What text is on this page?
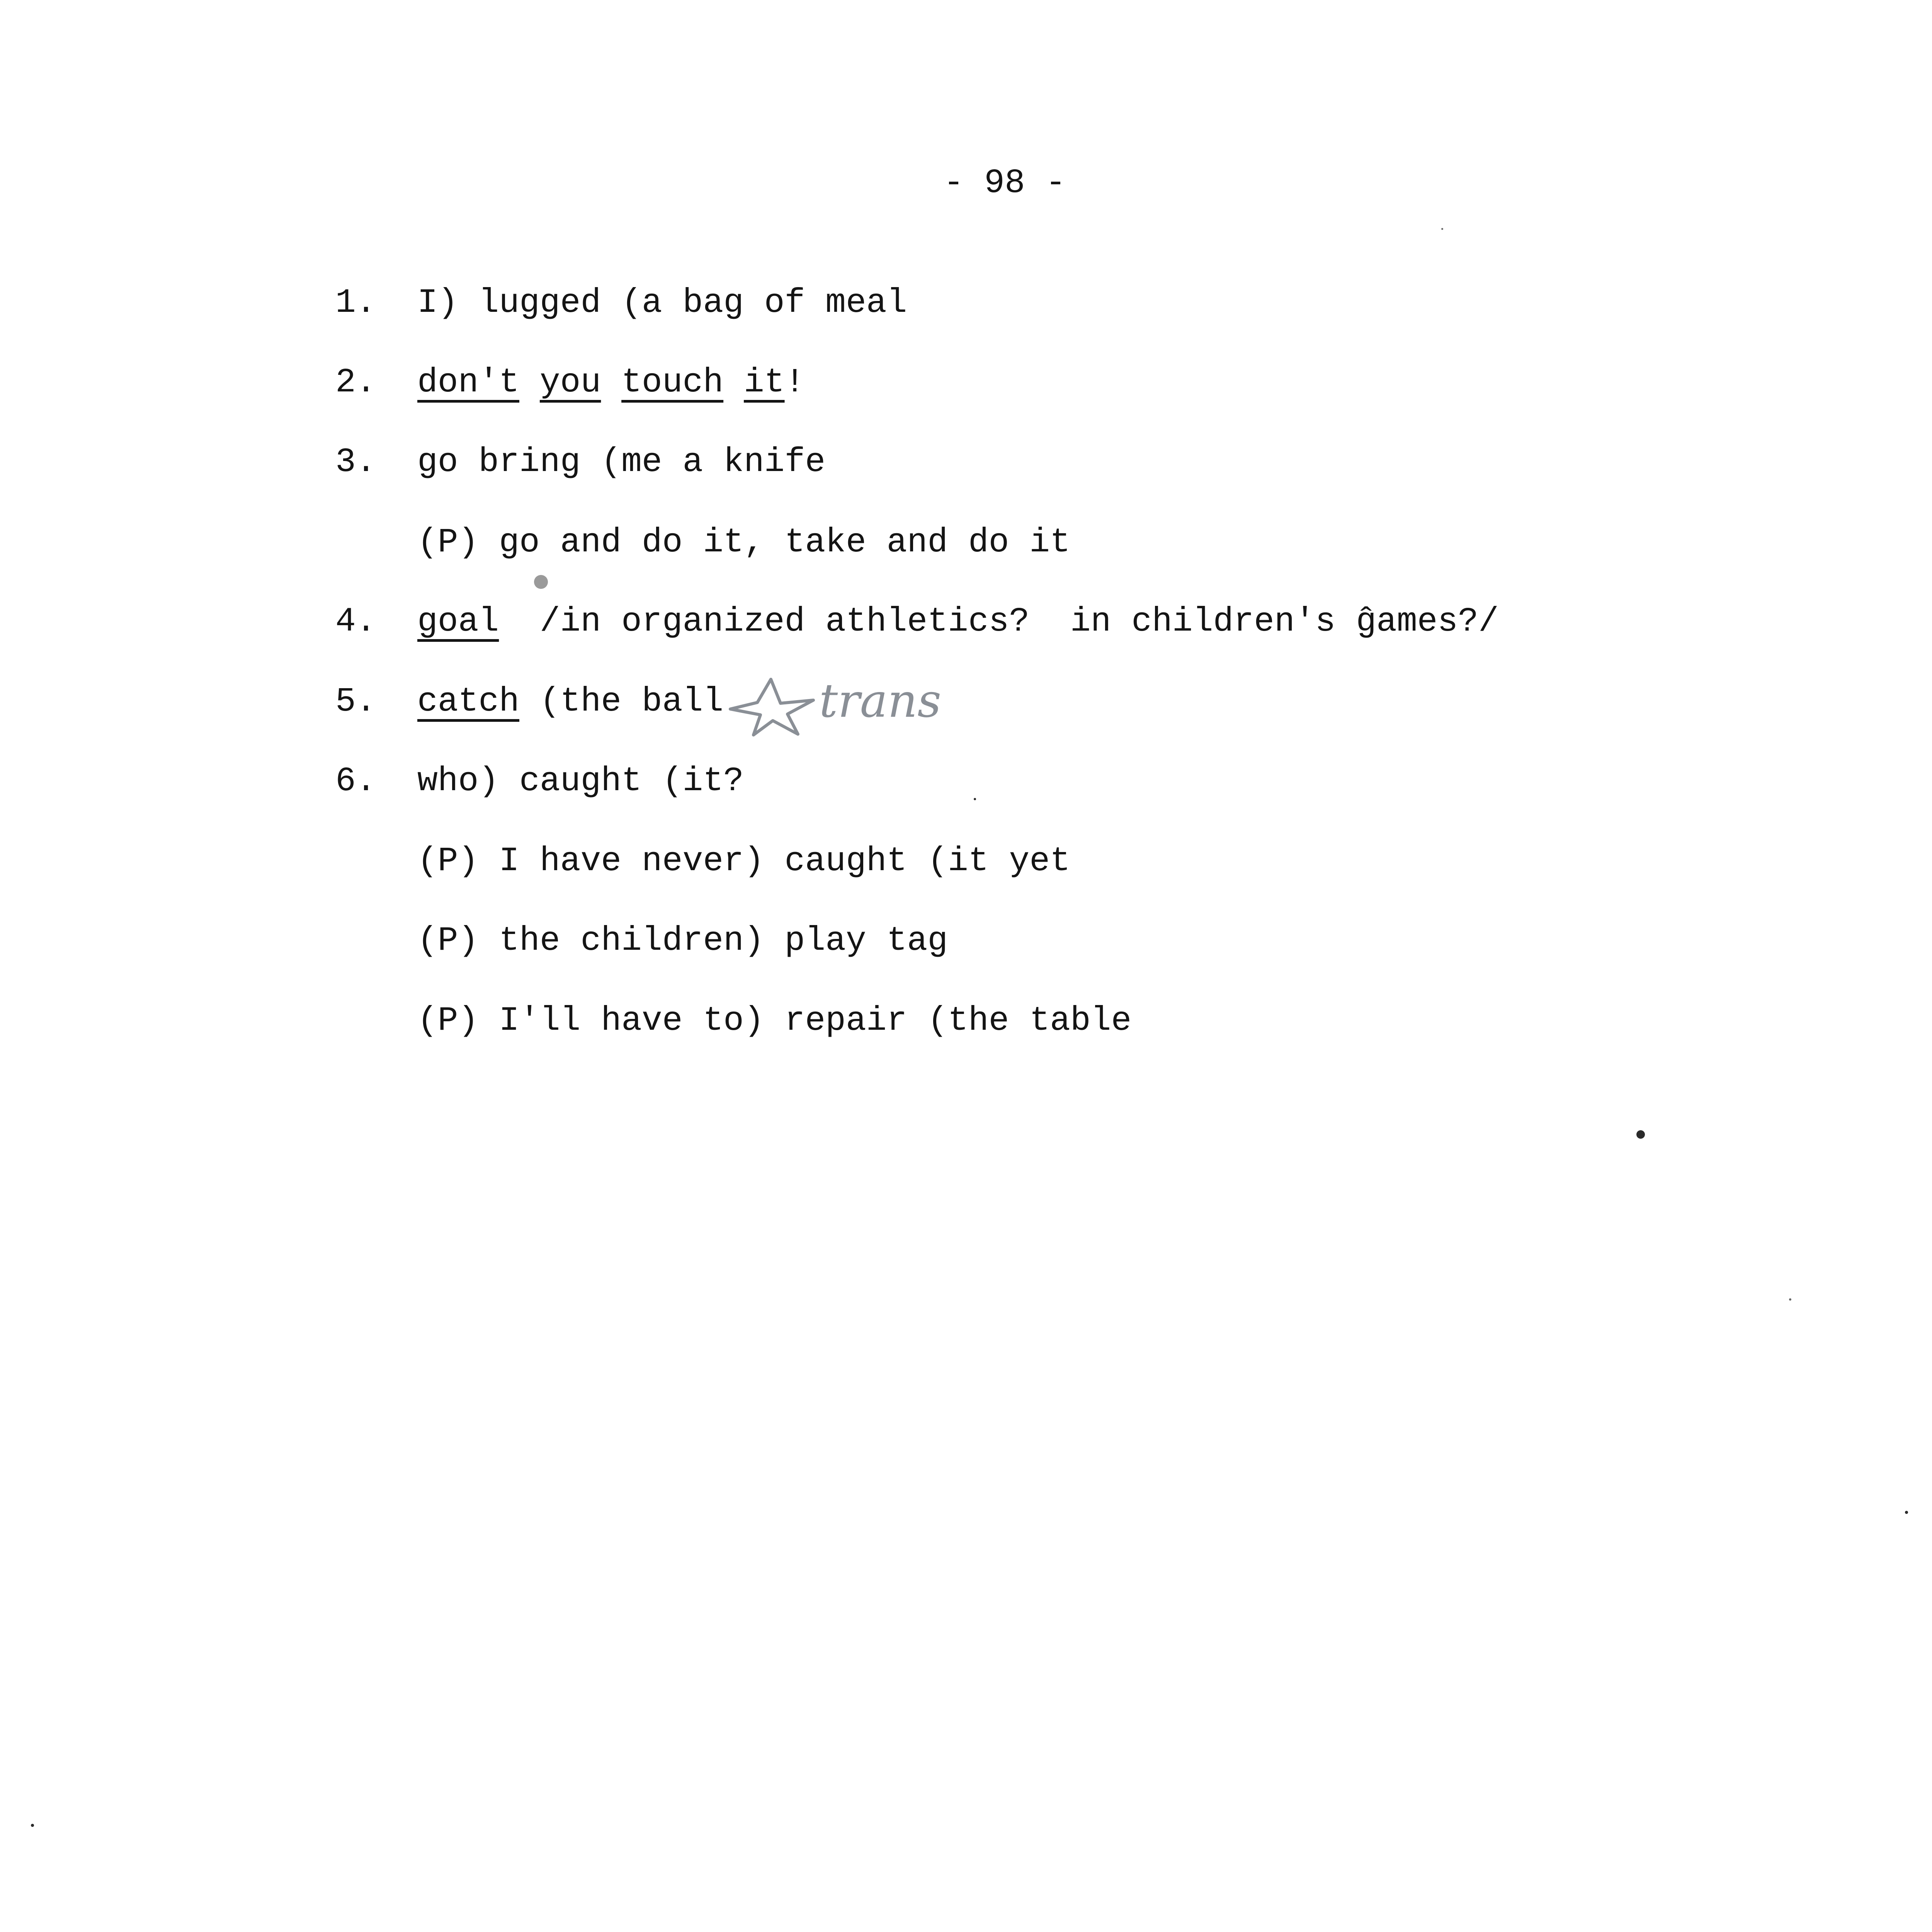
- 98 -
1. I) lugged (a bag of meal
2. don't you touch it!
3. go bring (me a knife
(P) go and do it, take and do it
4. goal  /in organized athletics?  in children's ĝames?/
5. catch (the ball trans
6. who) caught (it?
(P) I have never) caught (it yet
(P) the children) play tag
(P) I'll have to) repair (the table
